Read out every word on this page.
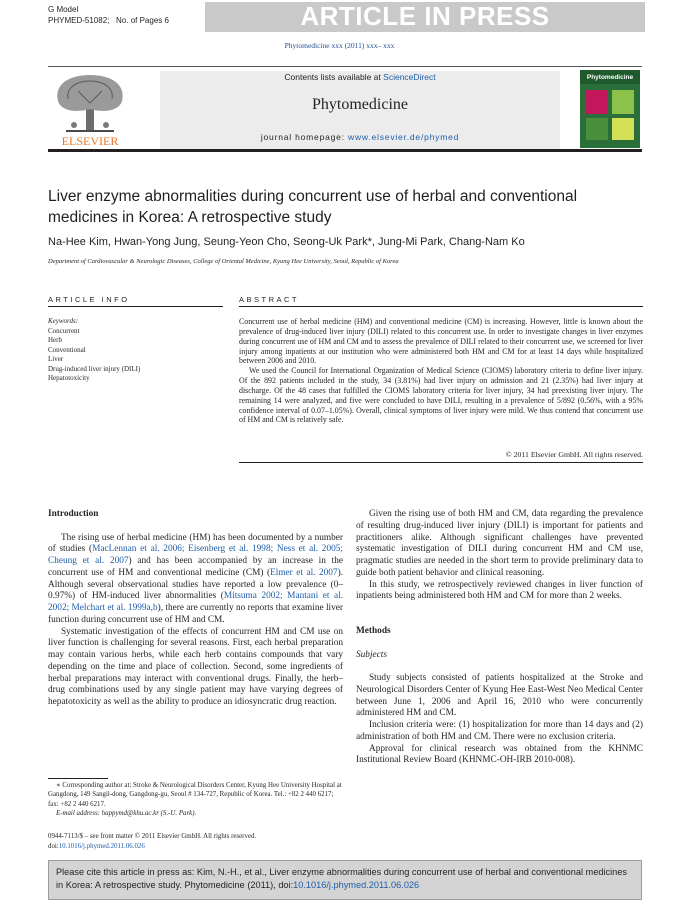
ARTICLE IN PRESS
G Model
PHYMED-51082; No. of Pages 6
Phytomedicine xxx (2011) xxx– xxx
Contents lists available at ScienceDirect
Phytomedicine
journal homepage: www.elsevier.de/phymed
ELSEVIER
Phytomedicine
Liver enzyme abnormalities during concurrent use of herbal and conventional medicines in Korea: A retrospective study
Na-Hee Kim, Hwan-Yong Jung, Seung-Yeon Cho, Seong-Uk Park*, Jung-Mi Park, Chang-Nam Ko
Department of Cardiovascular & Neurologic Diseases, College of Oriental Medicine, Kyung Hee University, Seoul, Republic of Korea
ARTICLE INFO	ABSTRACT
Keywords:
Concurrent
Herb
Conventional
Liver
Drug-induced liver injury (DILI)
Hepatotoxicity

Concurrent use of herbal medicine (HM) and conventional medicine (CM) is increasing. However, little is known about the prevalence of drug-induced liver injury (DILI) related to this concurrent use. In order to investigate changes in liver enzymes during concurrent use of HM and CM and to assess the prevalence of DILI related to their concurrent use, we screened for liver injury among inpatients at our institution who were administered both HM and CM for at least 14 days while hospitalized between 2006 and 2010.

We used the Council for International Organization of Medical Science (CIOMS) laboratory criteria to define liver injury. Of the 892 patients included in the study, 34 (3.81%) had liver injury on admission and 21 (2.35%) had liver injury at discharge. Of the 48 cases that fulfilled the CIOMS laboratory criteria for liver injury, 34 had preexisting liver injury. The remaining 14 were analyzed, and five were concluded to have DILI, resulting in a prevalence of 5/892 (0.56%, with a 95% confidence interval of 0.07–1.05%). Overall, clinical symptoms of liver injury were mild. We thus contend that concurrent use of HM and CM is relatively safe.

© 2011 Elsevier GmbH. All rights reserved.

Introduction

The rising use of herbal medicine (HM) has been documented by a number of studies (MacLennan et al. 2006; Eisenberg et al. 1998; Ness et al. 2005; Cheung et al. 2007) and has been accompanied by an increase in the concurrent use of HM and conventional medicine (CM) (Elmer et al. 2007). Although several observational studies have reported a low prevalence (0–0.97%) of HM-induced liver abnormalities (Mitsuma 2002; Mantani et al. 2002; Melchart et al. 1999a,b), there are currently no reports that examine liver function during concurrent use of HM and CM.

Systematic investigation of the effects of concurrent HM and CM use on liver function is challenging for several reasons. First, each herbal preparation may contain various herbs, while each herb contains compounds that vary depending on the time and place of collection. Second, some ingredients of herbal preparations may interact with conventional drugs. Finally, the herb–drug combinations used by any single patient may have varying degrees of hepatotoxicity as well as the ability to produce an idiosyncratic drug reaction.

Given the rising use of both HM and CM, data regarding the prevalence of resulting drug-induced liver injury (DILI) is important for patients and practitioners alike. Although significant challenges have prevented systematic investigation of DILI during concurrent HM and CM use, pragmatic studies are needed in the short term to provide preliminary data to guide both patient behavior and clinical reasoning.

In this study, we retrospectively reviewed changes in liver function of inpatients being administered both HM and CM for more than 2 weeks.

Methods

Subjects

Study subjects consisted of patients hospitalized at the Stroke and Neurological Disorders Center of Kyung Hee East-West Neo Medical Center between June 1, 2006 and April 16, 2010 who were concurrently administered HM and CM.

Inclusion criteria were: (1) hospitalization for more than 14 days and (2) administration of both HM and CM. There were no exclusion criteria.

Approval for clinical research was obtained from the KHNMC Institutional Review Board (KHNMC-OH-IRB 2010-008).

∗ Corresponding author at: Stroke & Neurological Disorders Center, Kyung Hee University Hospital at Gangdong, 149 Sangil-dong, Gangdong-gu, Seoul # 134-727, Republic of Korea. Tel.: +82 2 440 6217; fax: +82 2 440 6217.
E-mail address: happymd@khu.ac.kr (S.-U. Park).
0944-7113/$ – see front matter © 2011 Elsevier GmbH. All rights reserved.
doi:10.1016/j.phymed.2011.06.026
Please cite this article in press as: Kim, N.-H., et al., Liver enzyme abnormalities during concurrent use of herbal and conventional medicines in Korea: A retrospective study. Phytomedicine (2011), doi:10.1016/j.phymed.2011.06.026
